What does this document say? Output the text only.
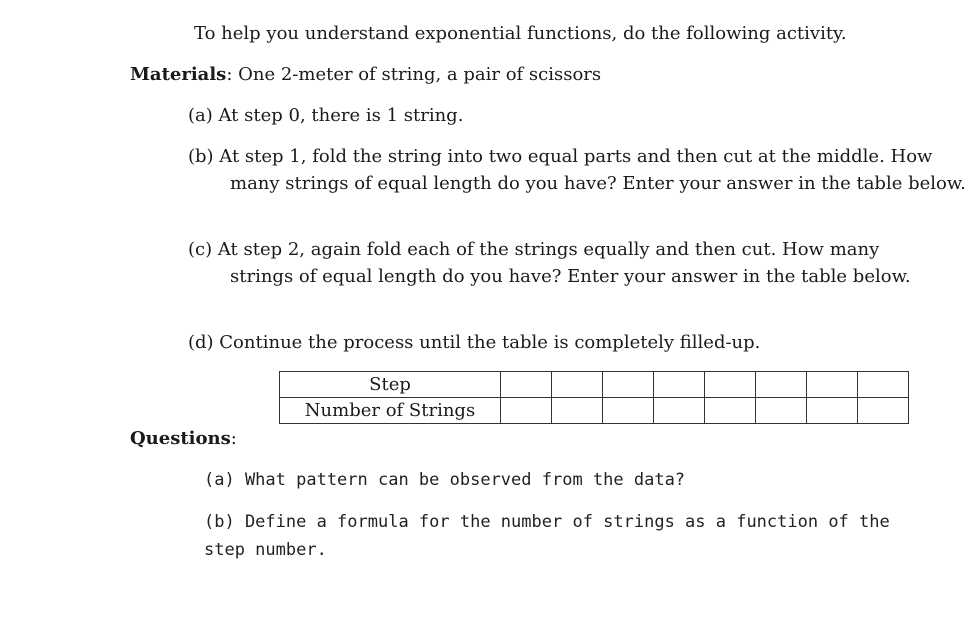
To help you understand exponential functions, do the following activity.
Materials: One 2-meter of string, a pair of scissors
(a) At step 0, there is 1 string.
(b) At step 1, fold the string into two equal parts and then cut at the middle. How many strings of equal length do you have? Enter your answer in the table below.
(c) At step 2, again fold each of the strings equally and then cut. How many strings of equal length do you have? Enter your answer in the table below.
(d) Continue the process until the table is completely filled-up.
Step								
Number of Strings								
Questions:
(a) What pattern can be observed from the data?
(b) Define a formula for the number of strings as a function of the step number.
